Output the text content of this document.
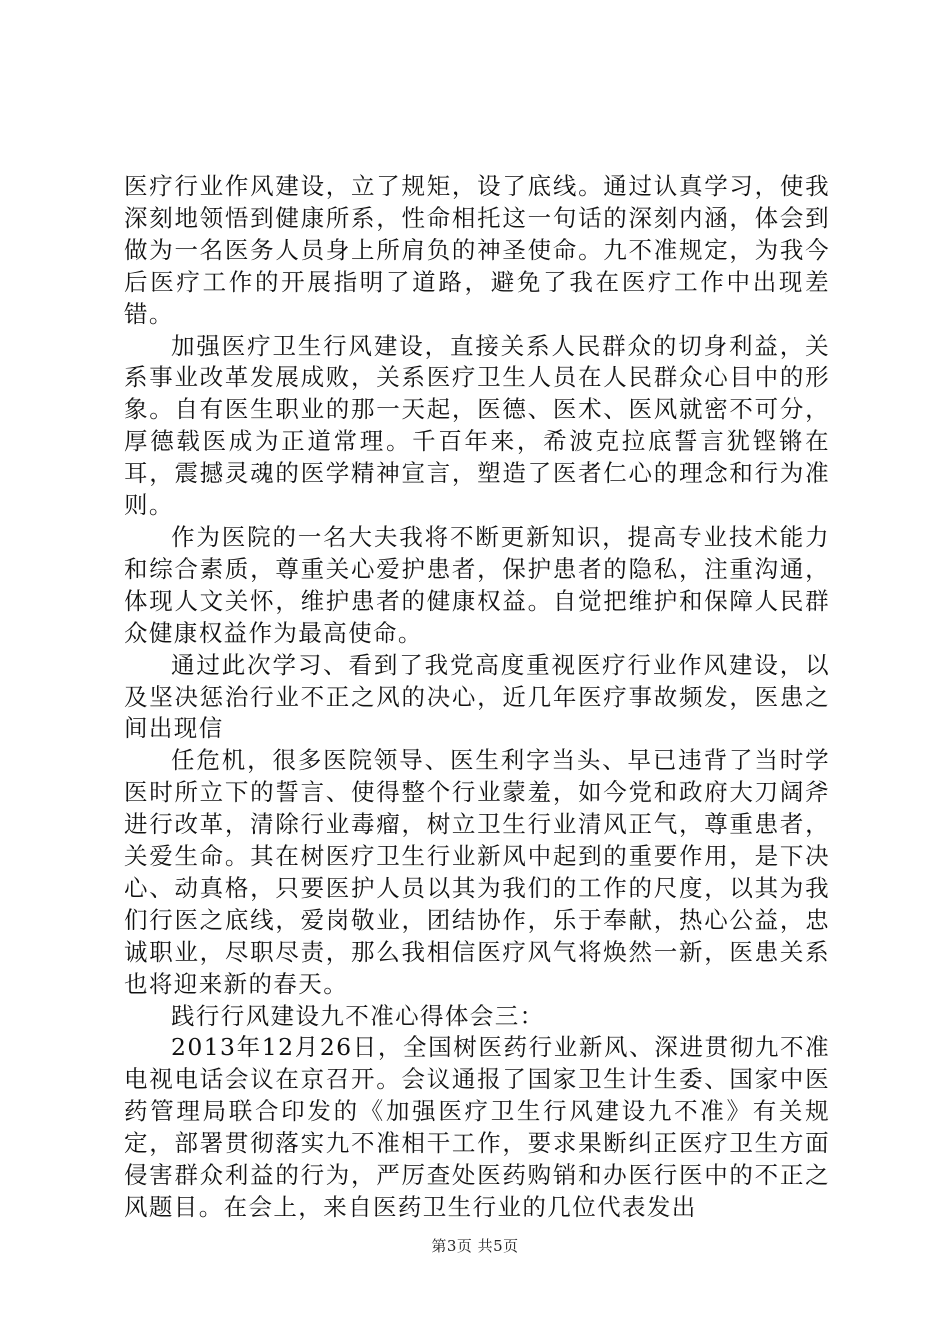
医疗行业作风建设，立了规矩，设了底线。通过认真学习，使我深刻地领悟到健康所系，性命相托这一句话的深刻内涵，体会到做为一名医务人员身上所肩负的神圣使命。九不准规定，为我今后医疗工作的开展指明了道路，避免了我在医疗工作中出现差错。

加强医疗卫生行风建设，直接关系人民群众的切身利益，关系事业改革发展成败，关系医疗卫生人员在人民群众心目中的形象。自有医生职业的那一天起，医德、医术、医风就密不可分，厚德载医成为正道常理。千百年来，希波克拉底誓言犹铿锵在耳，震撼灵魂的医学精神宣言，塑造了医者仁心的理念和行为准则。

作为医院的一名大夫我将不断更新知识，提高专业技术能力和综合素质，尊重关心爱护患者，保护患者的隐私，注重沟通，体现人文关怀，维护患者的健康权益。自觉把维护和保障人民群众健康权益作为最高使命。

通过此次学习、看到了我党高度重视医疗行业作风建设，以及坚决惩治行业不正之风的决心，近几年医疗事故频发，医患之间出现信

任危机，很多医院领导、医生利字当头、早已违背了当时学医时所立下的誓言、使得整个行业蒙羞，如今党和政府大刀阔斧进行改革，清除行业毒瘤，树立卫生行业清风正气，尊重患者，关爱生命。其在树医疗卫生行业新风中起到的重要作用，是下决心、动真格，只要医护人员以其为我们的工作的尺度，以其为我们行医之底线，爱岗敬业，团结协作，乐于奉献，热心公益，忠诚职业，尽职尽责，那么我相信医疗风气将焕然一新，医患关系也将迎来新的春天。

践行行风建设九不准心得体会三：

2013年12月26日，全国树医药行业新风、深进贯彻九不准电视电话会议在京召开。会议通报了国家卫生计生委、国家中医药管理局联合印发的《加强医疗卫生行风建设九不准》有关规定，部署贯彻落实九不准相干工作，要求果断纠正医疗卫生方面侵害群众利益的行为，严厉查处医药购销和办医行医中的不正之风题目。在会上，来自医药卫生行业的几位代表发出

第3页 共5页
